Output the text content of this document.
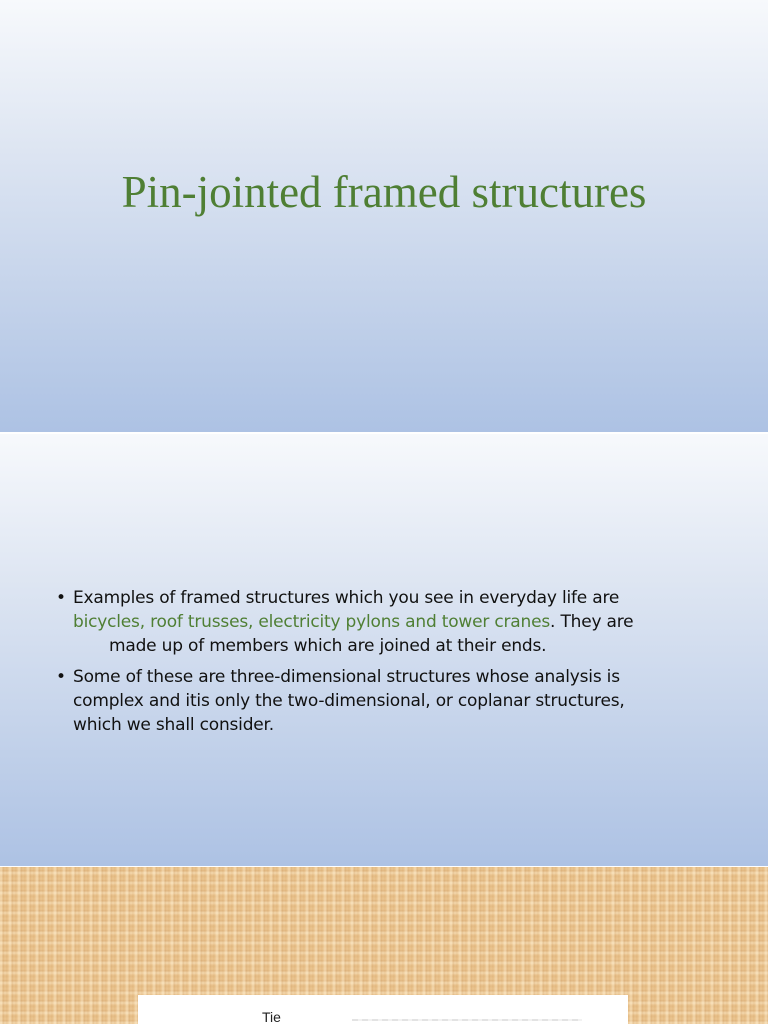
Pin-jointed framed structures
• Examples of framed structures which you see in everyday life are
bicycles, roof trusses, electricity pylons and tower cranes. They are
made up of members which are joined at their ends.
• Some of these are three-dimensional structures whose analysis is
complex and itis only the two-dimensional, or coplanar structures,
which we shall consider.
Tie
